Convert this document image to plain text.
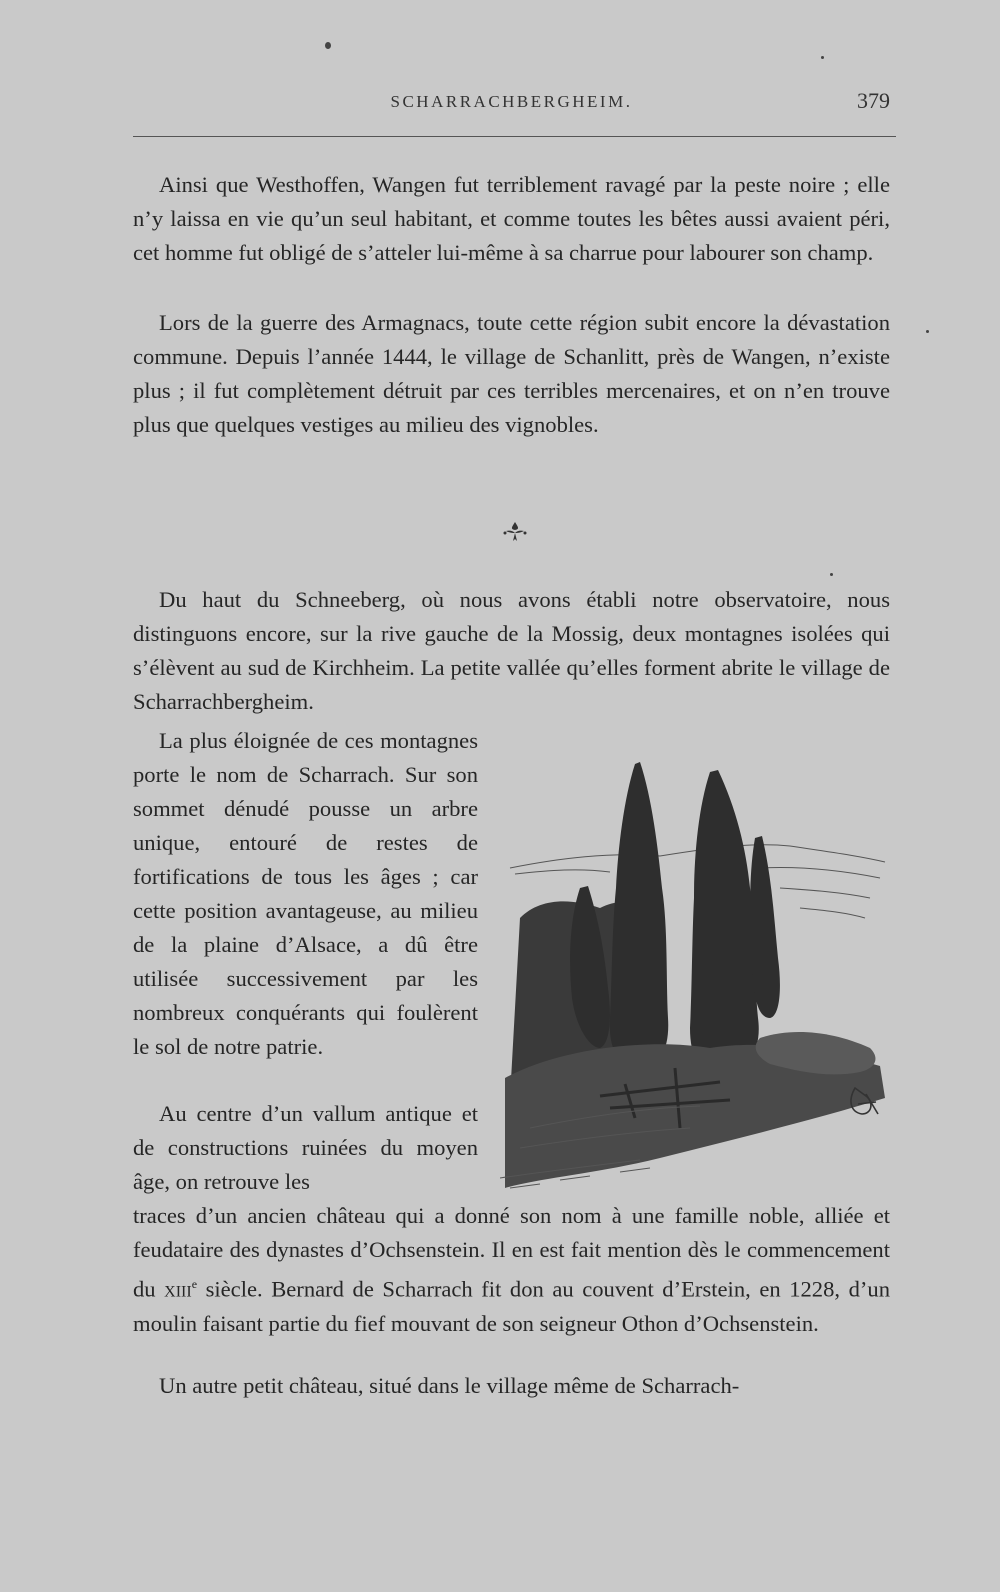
SCHARRACHBERGHEIM.	379

Ainsi que Westhoffen, Wangen fut terriblement ravagé par la peste noire ; elle n’y laissa en vie qu’un seul habitant, et comme toutes les bêtes aussi avaient péri, cet homme fut obligé de s’atteler lui-même à sa charrue pour labourer son champ.

Lors de la guerre des Armagnacs, toute cette région subit encore la dévastation commune. Depuis l’année 1444, le village de Schanlitt, près de Wangen, n’existe plus ; il fut complètement détruit par ces terribles mercenaires, et on n’en trouve plus que quelques vestiges au milieu des vignobles.

Du haut du Schneeberg, où nous avons établi notre observatoire, nous distinguons encore, sur la rive gauche de la Mossig, deux montagnes isolées qui s’élèvent au sud de Kirchheim. La petite vallée qu’elles forment abrite le village de Scharrachbergheim.

La plus éloignée de ces montagnes porte le nom de Scharrach. Sur son sommet dénudé pousse un arbre unique, entouré de restes de fortifications de tous les âges ; car cette position avantageuse, au milieu de la plaine d’Alsace, a dû être utilisée successivement par les nombreux conquérants qui foulèrent le sol de notre patrie.

Au centre d’un vallum antique et de constructions ruinées du moyen âge, on retrouve les

traces d’un ancien château qui a donné son nom à une famille noble, alliée et feudataire des dynastes d’Ochsenstein. Il en est fait mention dès le commencement du xiii$^e$ siècle. Bernard de Scharrach fit don au couvent d’Erstein, en 1228, d’un moulin faisant partie du fief mouvant de son seigneur Othon d’Ochsenstein.

Un autre petit château, situé dans le village même de Scharrach-
